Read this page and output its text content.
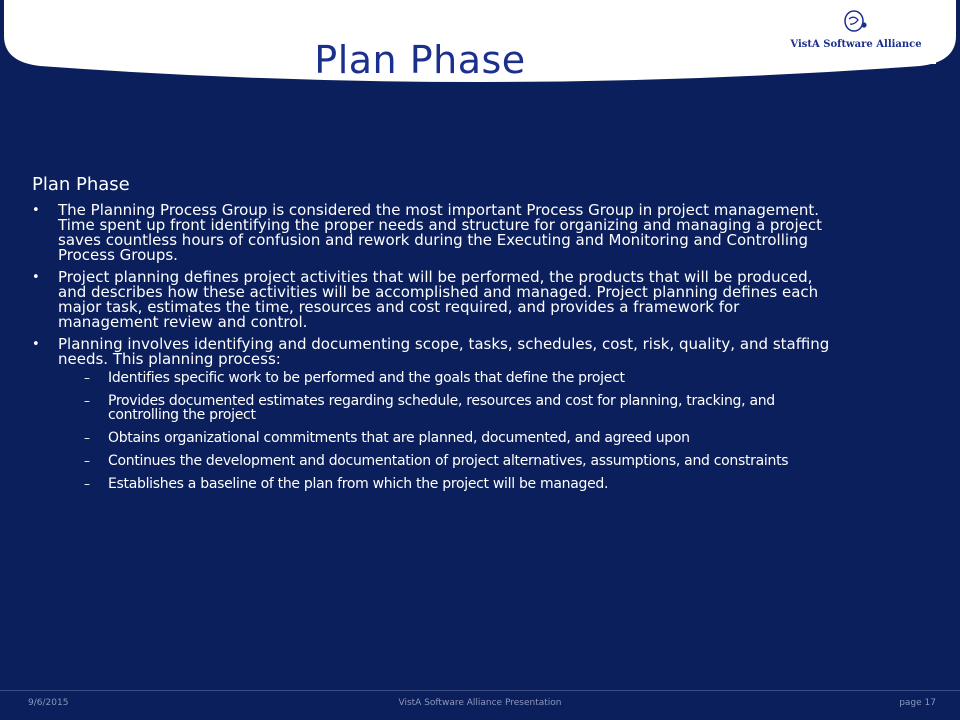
Plan Phase	VistA Software Alliance
Plan Phase
• The Planning Process Group is considered the most important Process Group in project management. Time spent up front identifying the proper needs and structure for organizing and managing a project saves countless hours of confusion and rework during the Executing and Monitoring and Controlling Process Groups.
• Project planning defines project activities that will be performed, the products that will be produced, and describes how these activities will be accomplished and managed. Project planning defines each major task, estimates the time, resources and cost required, and provides a framework for management review and control.
• Planning involves identifying and documenting scope, tasks, schedules, cost, risk, quality, and staffing needs. This planning process:
– Identifies specific work to be performed and the goals that define the project
– Provides documented estimates regarding schedule, resources and cost for planning, tracking, and controlling the project
– Obtains organizational commitments that are planned, documented, and agreed upon
– Continues the development and documentation of project alternatives, assumptions, and constraints
– Establishes a baseline of the plan from which the project will be managed.
9/6/2015	VistA Software Alliance Presentation	page 17
